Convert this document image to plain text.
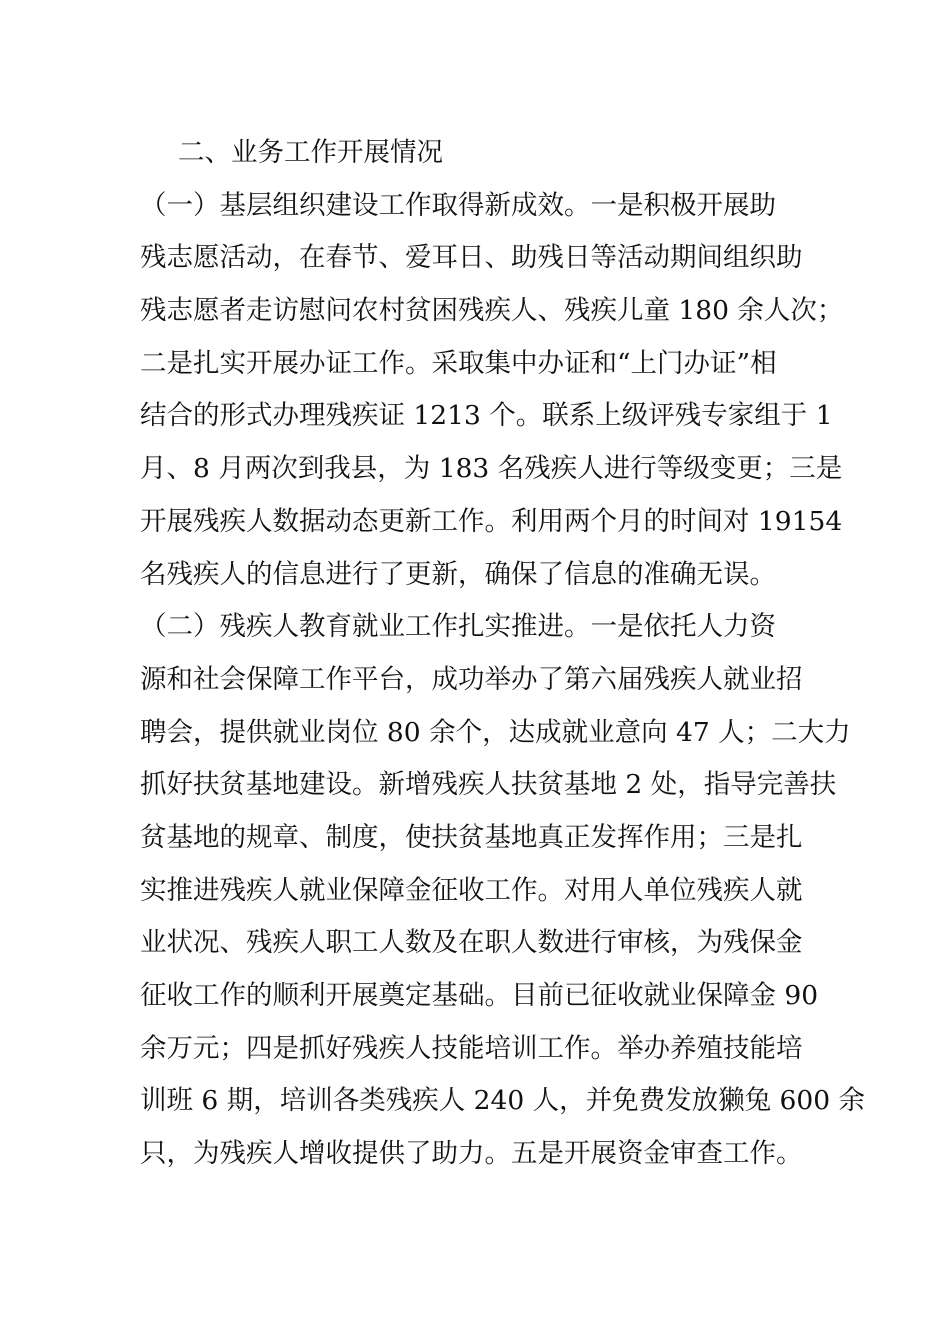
二、业务工作开展情况
（一）基层组织建设工作取得新成效。一是积极开展助
残志愿活动，在春节、爱耳日、助残日等活动期间组织助
残志愿者走访慰问农村贫困残疾人、残疾儿童 180 余人次；
二是扎实开展办证工作。采取集中办证和“上门办证”相
结合的形式办理残疾证 1213 个。联系上级评残专家组于 1
月、8 月两次到我县，为 183 名残疾人进行等级变更；三是
开展残疾人数据动态更新工作。利用两个月的时间对 19154
名残疾人的信息进行了更新，确保了信息的准确无误。
（二）残疾人教育就业工作扎实推进。一是依托人力资
源和社会保障工作平台，成功举办了第六届残疾人就业招
聘会，提供就业岗位 80 余个，达成就业意向 47 人；二大力
抓好扶贫基地建设。新增残疾人扶贫基地 2 处，指导完善扶
贫基地的规章、制度，使扶贫基地真正发挥作用；三是扎
实推进残疾人就业保障金征收工作。对用人单位残疾人就
业状况、残疾人职工人数及在职人数进行审核，为残保金
征收工作的顺利开展奠定基础。目前已征收就业保障金 90
余万元；四是抓好残疾人技能培训工作。举办养殖技能培
训班 6 期，培训各类残疾人 240 人，并免费发放獭兔 600 余
只，为残疾人增收提供了助力。五是开展资金审查工作。
